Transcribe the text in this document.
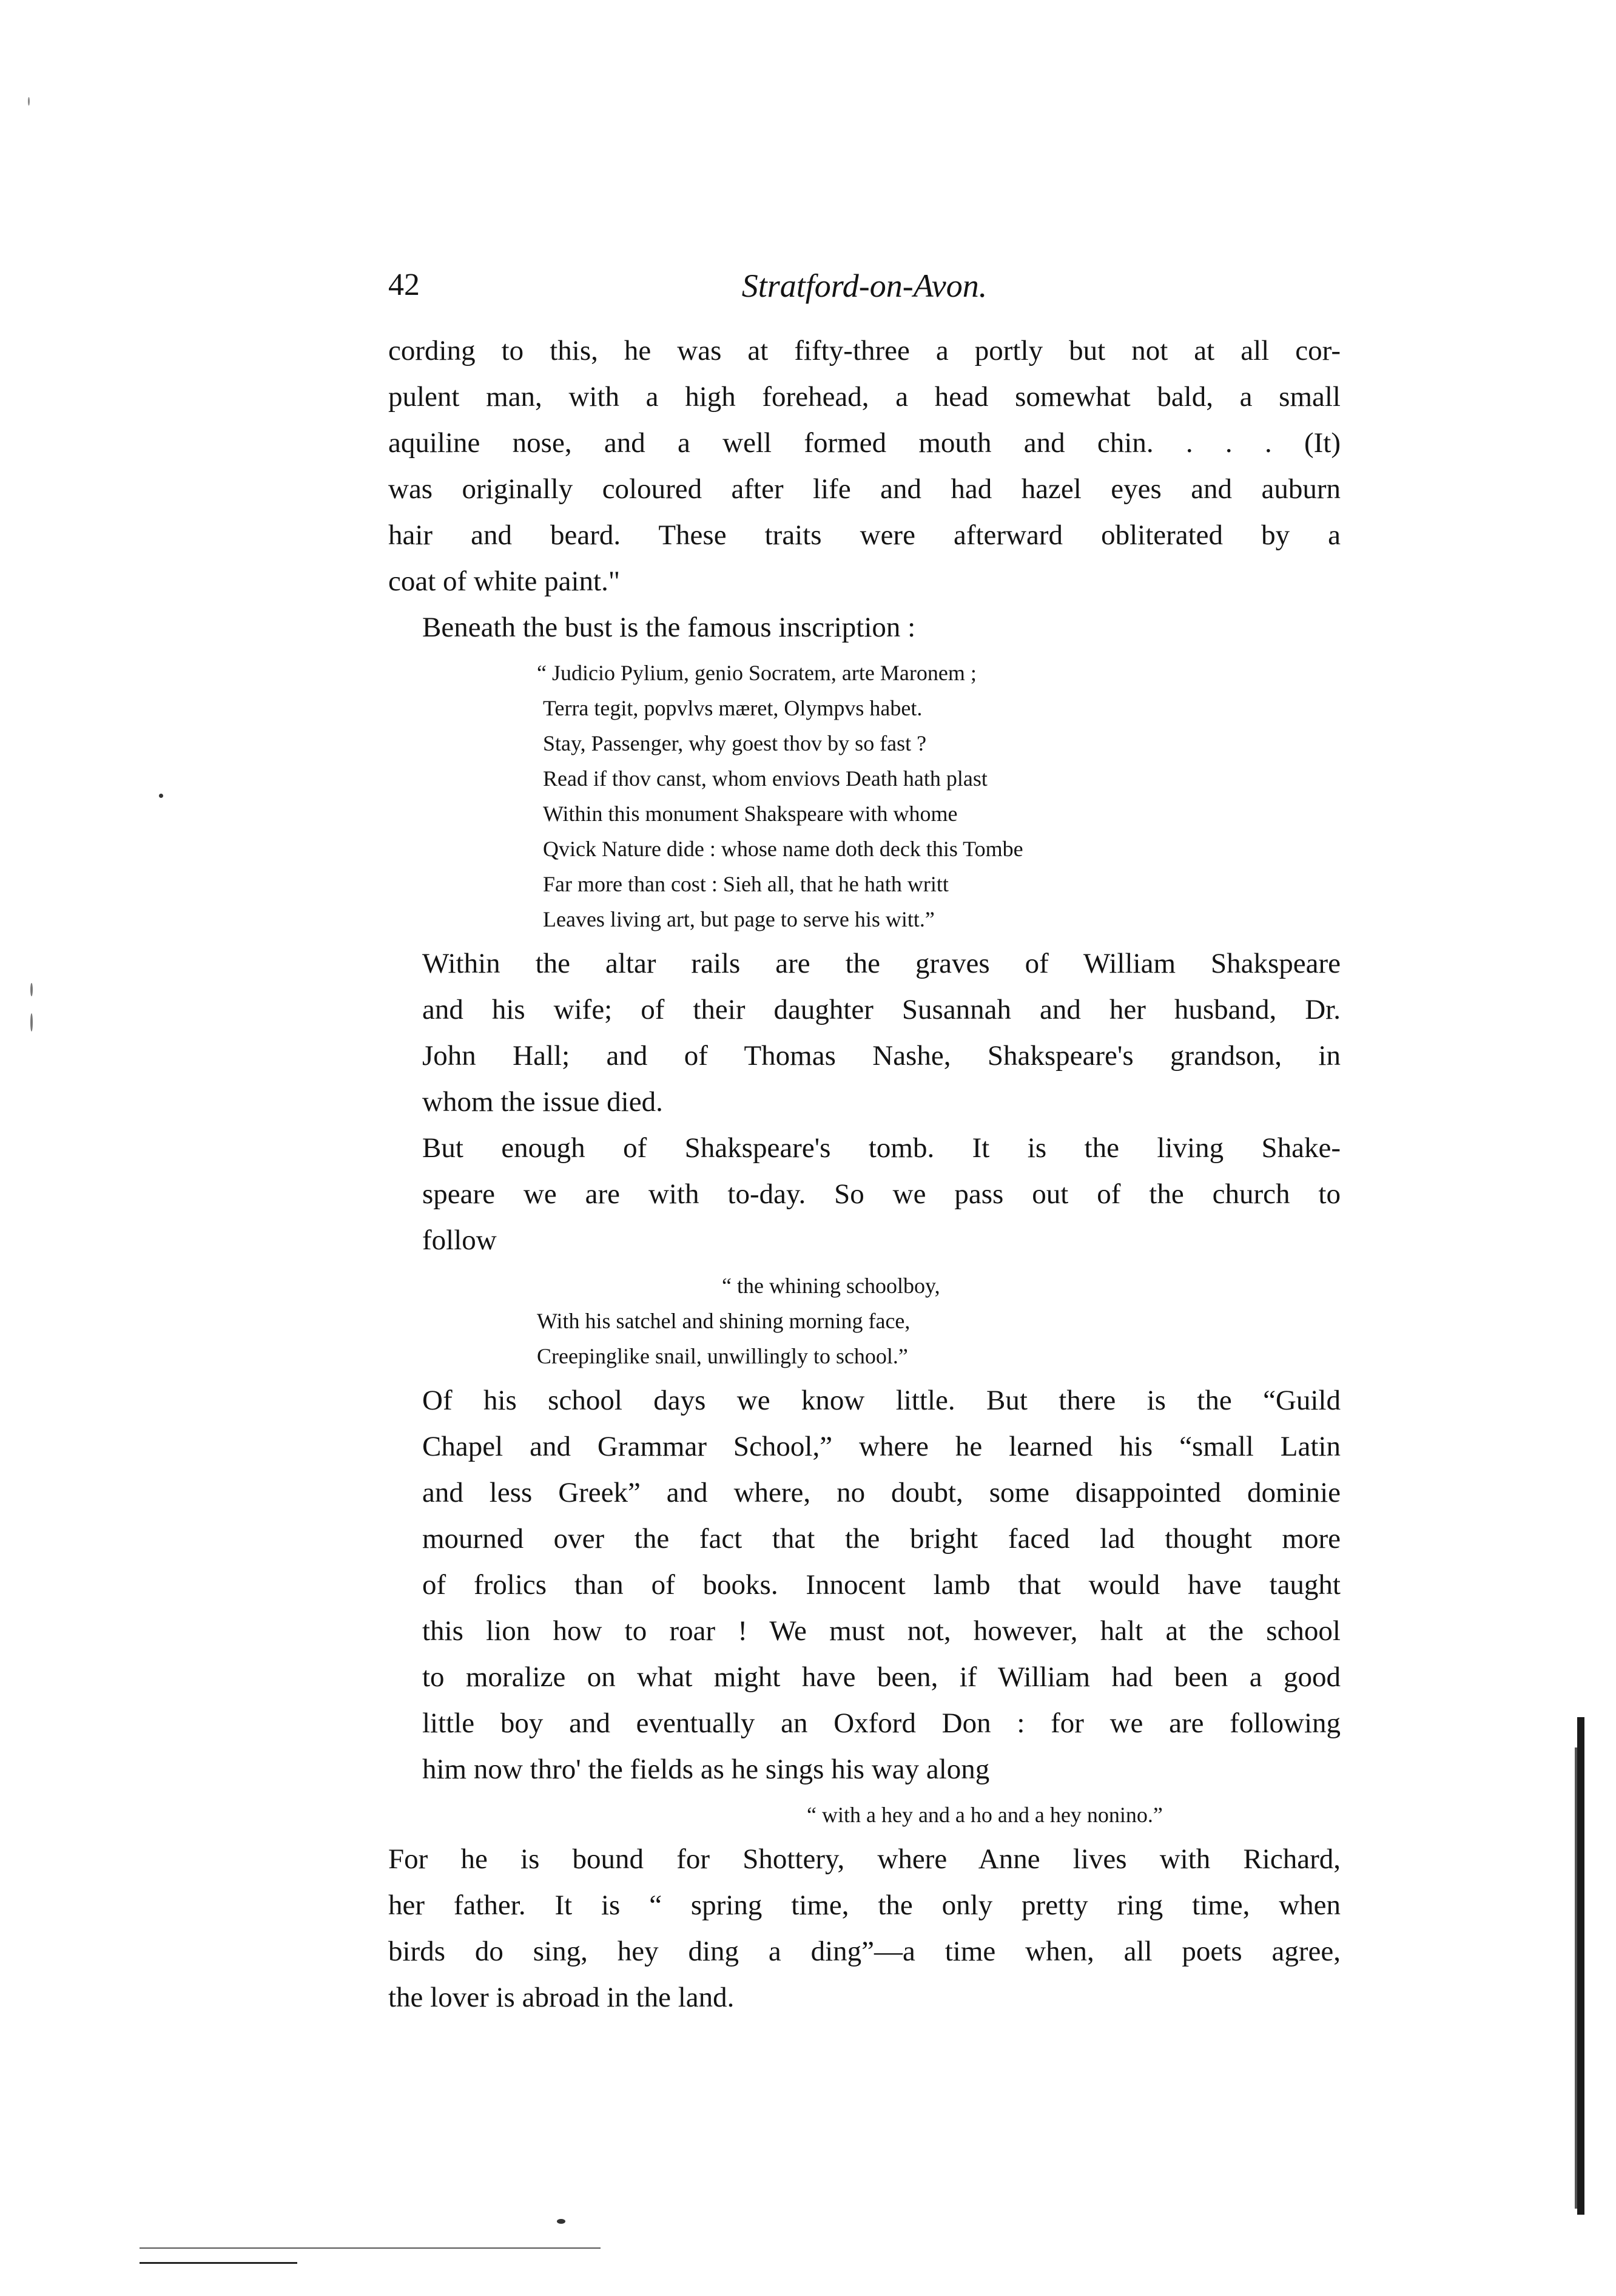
42	Stratford-on-Avon.

cording to this, he was at fifty-three a portly but not at all cor-
pulent man, with a high forehead, a head somewhat bald, a small
aquiline nose, and a well formed mouth and chin. . . . (It)
was originally coloured after life and had hazel eyes and auburn
hair and beard. These traits were afterward obliterated by a
coat of white paint."

Beneath the bust is the famous inscription :

“ Judicio Pylium, genio Socratem, arte Maronem ;
Terra tegit, popvlvs mæret, Olympvs habet.
Stay, Passenger, why goest thov by so fast ?
Read if thov canst, whom enviovs Death hath plast
Within this monument Shakspeare with whome
Qvick Nature dide : whose name doth deck this Tombe
Far more than cost : Sieh all, that he hath writt
Leaves living art, but page to serve his witt.”

Within the altar rails are the graves of William Shakspeare
and his wife; of their daughter Susannah and her husband, Dr.
John Hall; and of Thomas Nashe, Shakspeare's grandson, in
whom the issue died.

But enough of Shakspeare's tomb. It is the living Shake-
speare we are with to-day. So we pass out of the church to
follow

“ the whining schoolboy,
With his satchel and shining morning face,
Creepinglike snail, unwillingly to school.”

Of his school days we know little. But there is the “Guild
Chapel and Grammar School,” where he learned his “small Latin
and less Greek” and where, no doubt, some disappointed dominie
mourned over the fact that the bright faced lad thought more
of frolics than of books. Innocent lamb that would have taught
this lion how to roar ! We must not, however, halt at the school
to moralize on what might have been, if William had been a good
little boy and eventually an Oxford Don : for we are following
him now thro' the fields as he sings his way along

“ with a hey and a ho and a hey nonino.”

For he is bound for Shottery, where Anne lives with Richard,
her father. It is “ spring time, the only pretty ring time, when
birds do sing, hey ding a ding”—a time when, all poets agree,
the lover is abroad in the land.
